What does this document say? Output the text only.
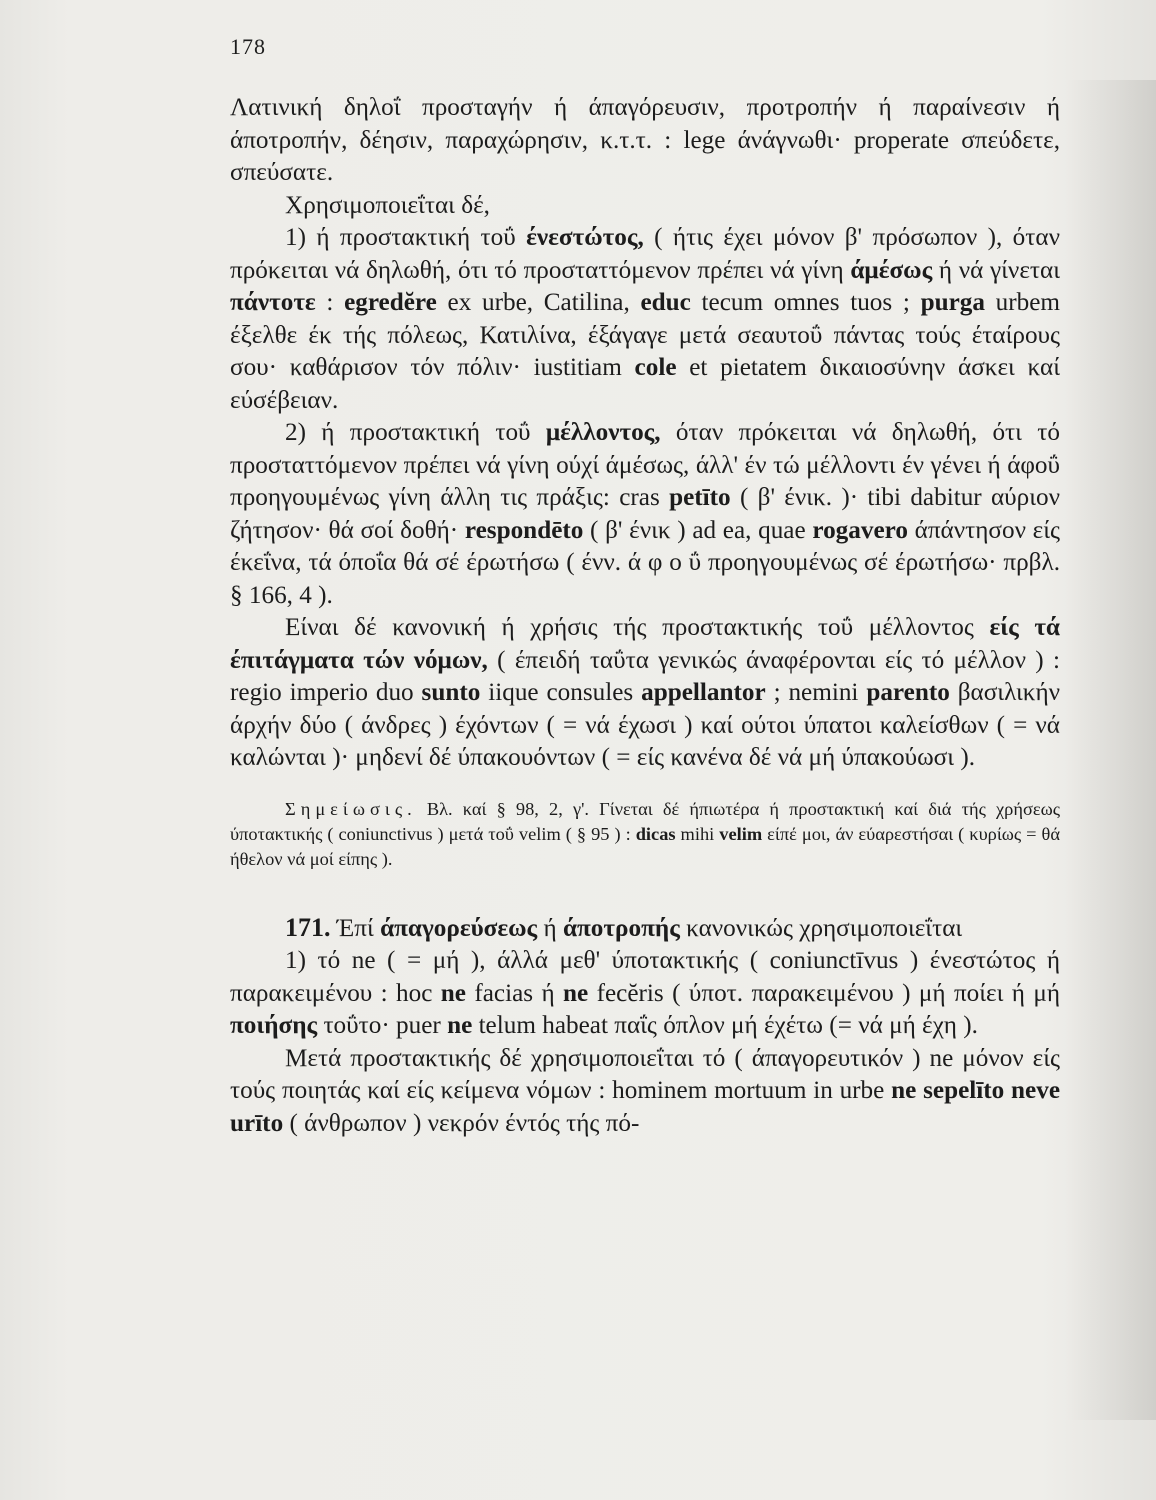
178

Λατινική δηλοΐ προσταγήν ή άπαγόρευσιν, προτροπήν ή παραίνεσιν ή άποτροπήν, δέησιν, παραχώρησιν, κ.τ.τ. : lege άνάγνωθι· properate σπεύδετε, σπεύσατε.

Χρησιμοποιεΐται δέ,

1) ή προστακτική τοΰ ένεστώτος, ( ήτις έχει μόνον β' πρόσωπον ), όταν πρόκειται νά δηλωθή, ότι τό προσταττόμενον πρέπει νά γίνη άμέσως ή νά γίνεται πάντοτε : egredĕre ex urbe, Catilina, educ tecum omnes tuos ; purga urbem έξελθε έκ τής πόλεως, Κατιλίνα, έξάγαγε μετά σεαυτοΰ πάντας τούς έταίρους σου· καθάρισον τόν πόλιν· iustitiam cole et pietatem δικαιοσύνην άσκει καί εύσέβειαν.

2) ή προστακτική τοΰ μέλλοντος, όταν πρόκειται νά δηλωθή, ότι τό προσταττόμενον πρέπει νά γίνη ούχί άμέσως, άλλ' έν τώ μέλλοντι έν γένει ή άφοΰ προηγουμένως γίνη άλλη τις πράξις: cras petīto ( β' ένικ. )· tibi dabitur αύριον ζήτησον· θά σοί δοθή· respondēto ( β' ένικ ) ad ea, quae rogavero άπάντησον είς έκεΐνα, τά όποΐα θά σέ έρωτήσω ( ένν. ά φ ο ΰ προηγουμένως σέ έρωτήσω· πρβλ. § 166, 4 ).

Είναι δέ κανονική ή χρήσις τής προστακτικής τοΰ μέλλοντος είς τά έπιτάγματα τών νόμων, ( έπειδή ταΰτα γενικώς άναφέρονται είς τό μέλλον ) : regio imperio duo sunto iique consules appellantor ; nemini parento βασιλικήν άρχήν δύο ( άνδρες ) έχόντων ( = νά έχωσι ) καί ούτοι ύπατοι καλείσθων ( = νά καλώνται )· μηδενί δέ ύπακουόντων ( = είς κανένα δέ νά μή ύπακούωσι ).

Σημείωσις. Βλ. καί § 98, 2, γ'. Γίνεται δέ ήπιωτέρα ή προστακτική καί διά τής χρήσεως ύποτακτικής ( coniunctivus ) μετά τοΰ velim ( § 95 ) : dicas mihi velim είπέ μοι, άν εύαρεστήσαι ( κυρίως = θά ήθελον νά μοί είπης ).

171. Έπί άπαγορεύσεως ή άποτροπής κανονικώς χρησιμοποιεΐται

1) τό ne ( = μή ), άλλά μεθ' ύποτακτικής ( coniunctīvus ) ένεστώτος ή παρακειμένου : hoc ne facias ή ne fecĕris ( ύποτ. παρακειμένου ) μή ποίει ή μή ποιήσης τοΰτο· puer ne telum habeat παΐς όπλον μή έχέτω (= νά μή έχη ).

Μετά προστακτικής δέ χρησιμοποιεΐται τό ( άπαγορευτικόν ) ne μόνον είς τούς ποιητάς καί είς κείμενα νόμων : hominem mortuum in urbe ne sepelīto neve urīto ( άνθρωπον ) νεκρόν έντός τής πό-
